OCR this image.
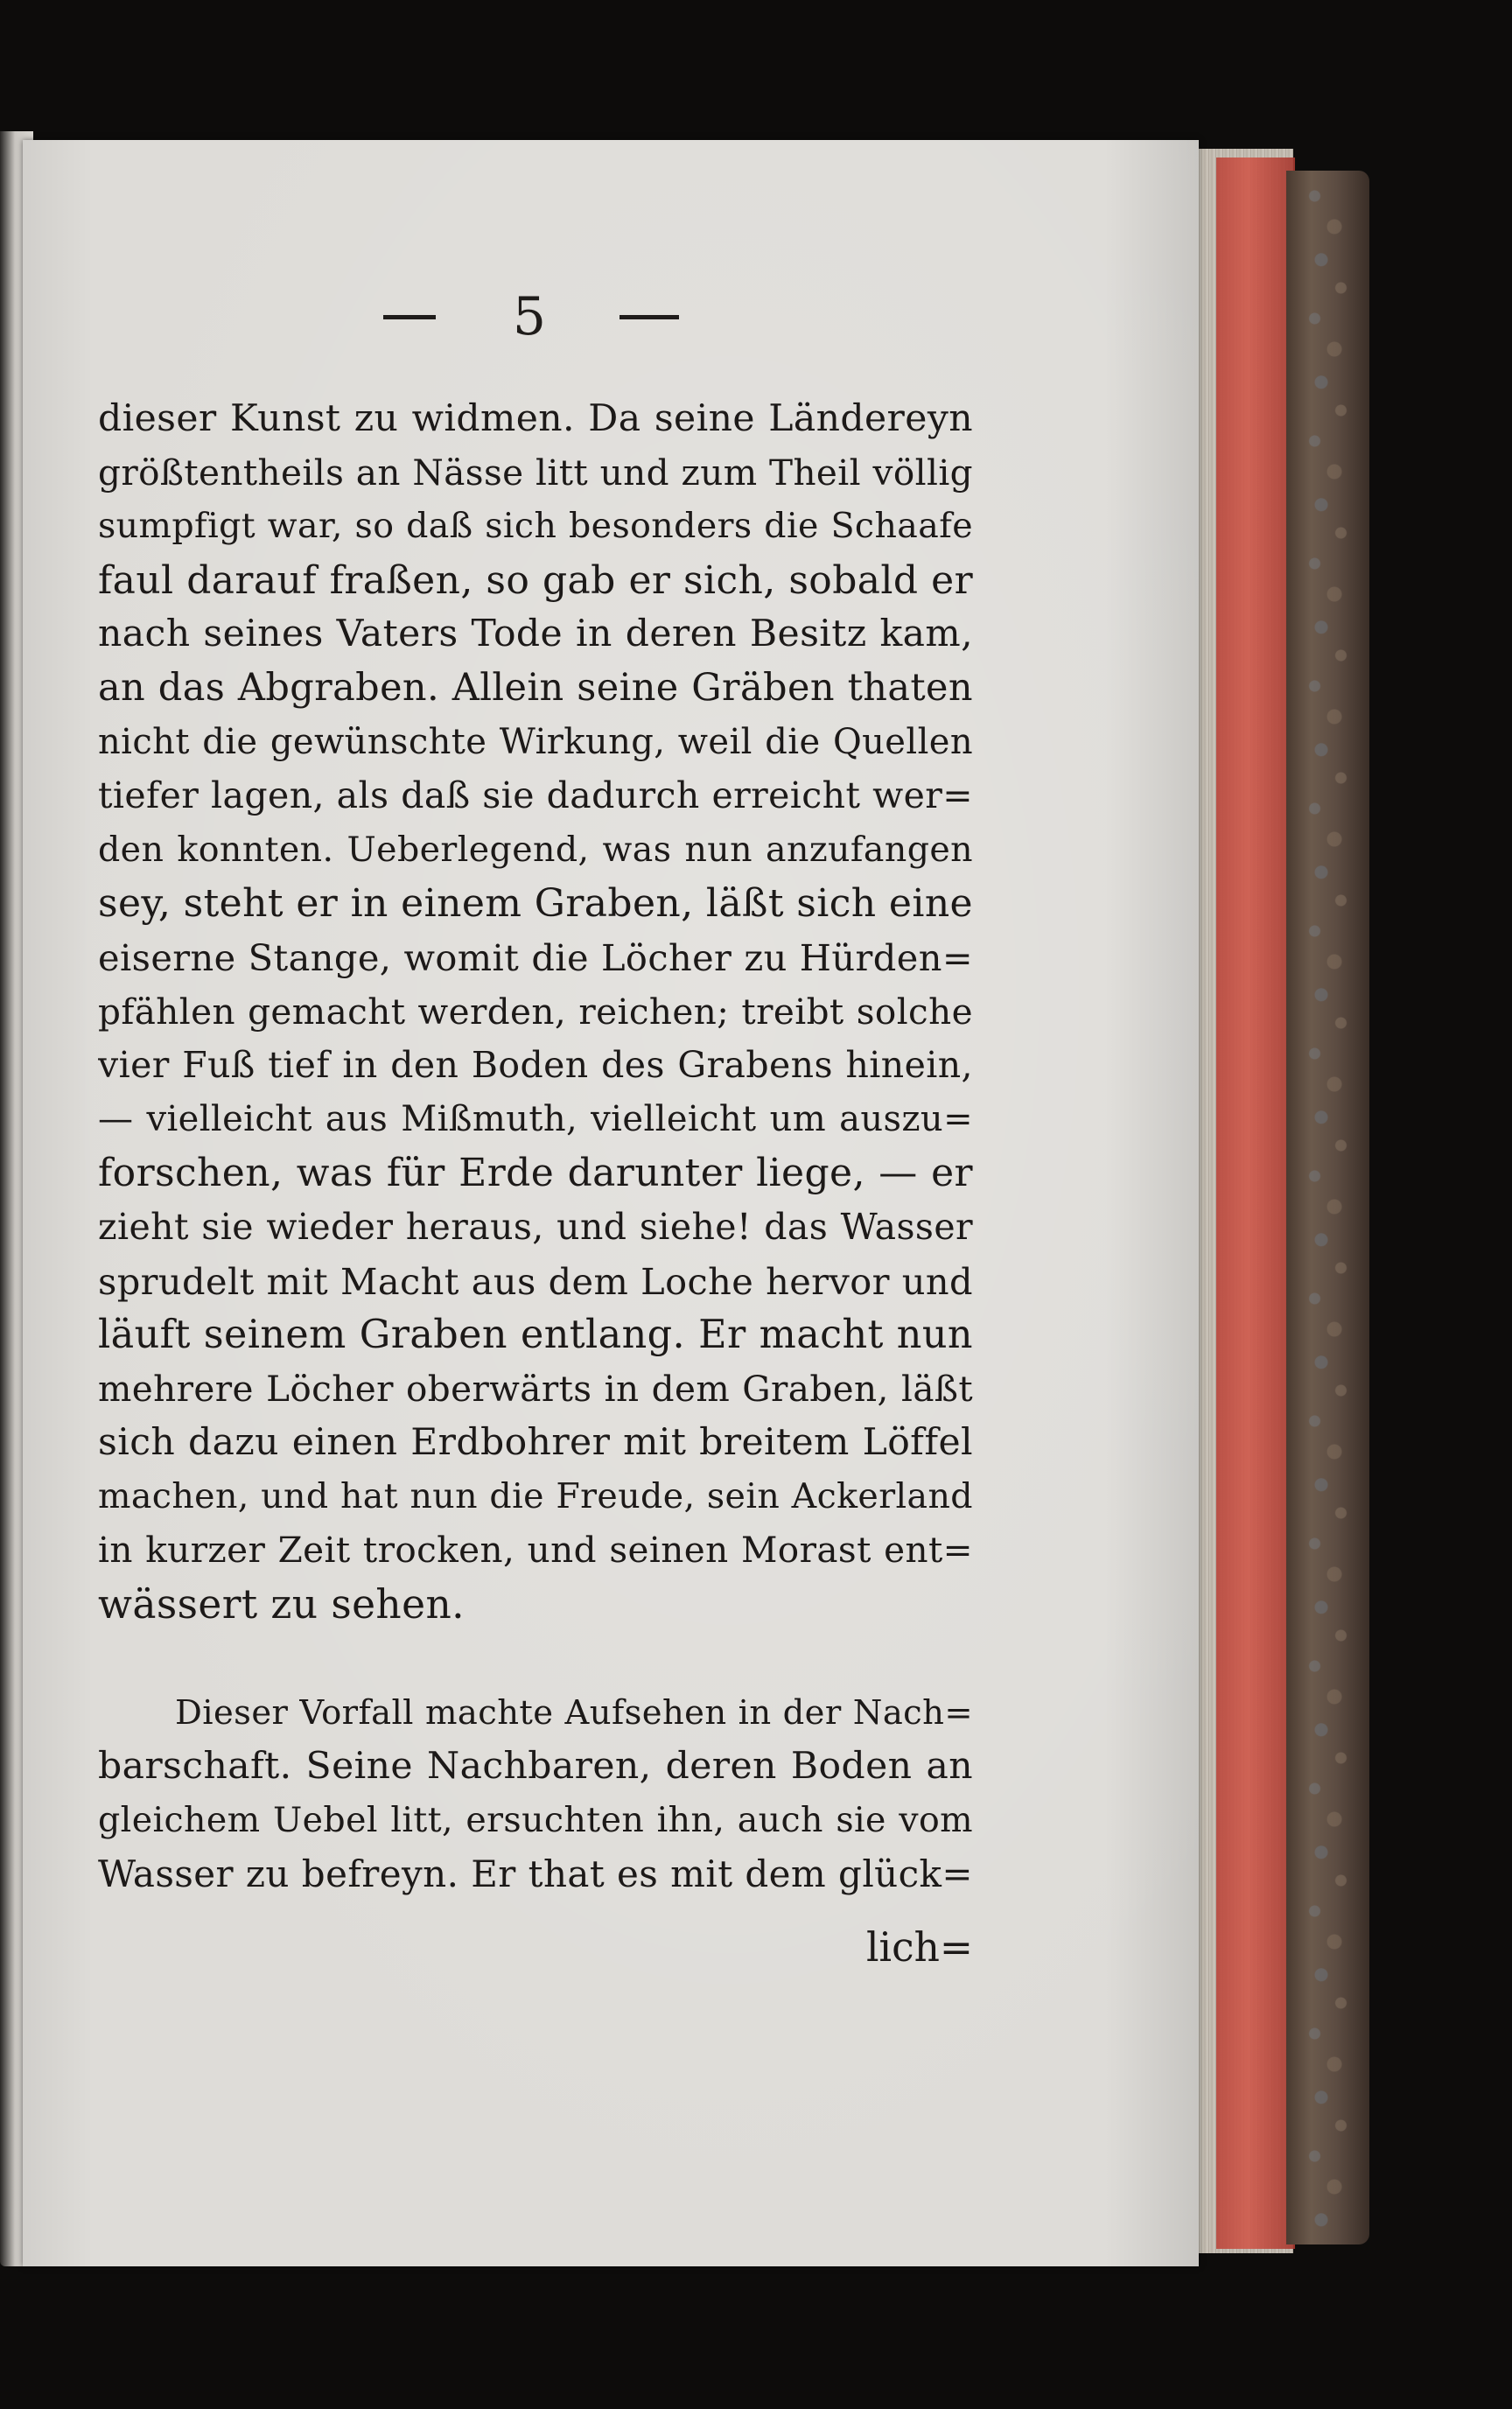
5
dieser Kunst zu widmen. Da seine Ländereyn
größtentheils an Nässe litt und zum Theil völlig
sumpfigt war, so daß sich besonders die Schaafe
faul darauf fraßen, so gab er sich, sobald er
nach seines Vaters Tode in deren Besitz kam,
an das Abgraben. Allein seine Gräben thaten
nicht die gewünschte Wirkung, weil die Quellen
tiefer lagen, als daß sie dadurch erreicht wer=
den konnten. Ueberlegend, was nun anzufangen
sey, steht er in einem Graben, läßt sich eine
eiserne Stange, womit die Löcher zu Hürden=
pfählen gemacht werden, reichen; treibt solche
vier Fuß tief in den Boden des Grabens hinein,
— vielleicht aus Mißmuth, vielleicht um auszu=
forschen, was für Erde darunter liege, — er
zieht sie wieder heraus, und siehe! das Wasser
sprudelt mit Macht aus dem Loche hervor und
läuft seinem Graben entlang. Er macht nun
mehrere Löcher oberwärts in dem Graben, läßt
sich dazu einen Erdbohrer mit breitem Löffel
machen, und hat nun die Freude, sein Ackerland
in kurzer Zeit trocken, und seinen Morast ent=
wässert zu sehen.
Dieser Vorfall machte Aufsehen in der Nach=
barschaft. Seine Nachbaren, deren Boden an
gleichem Uebel litt, ersuchten ihn, auch sie vom
Wasser zu befreyn. Er that es mit dem glück=
lich=
